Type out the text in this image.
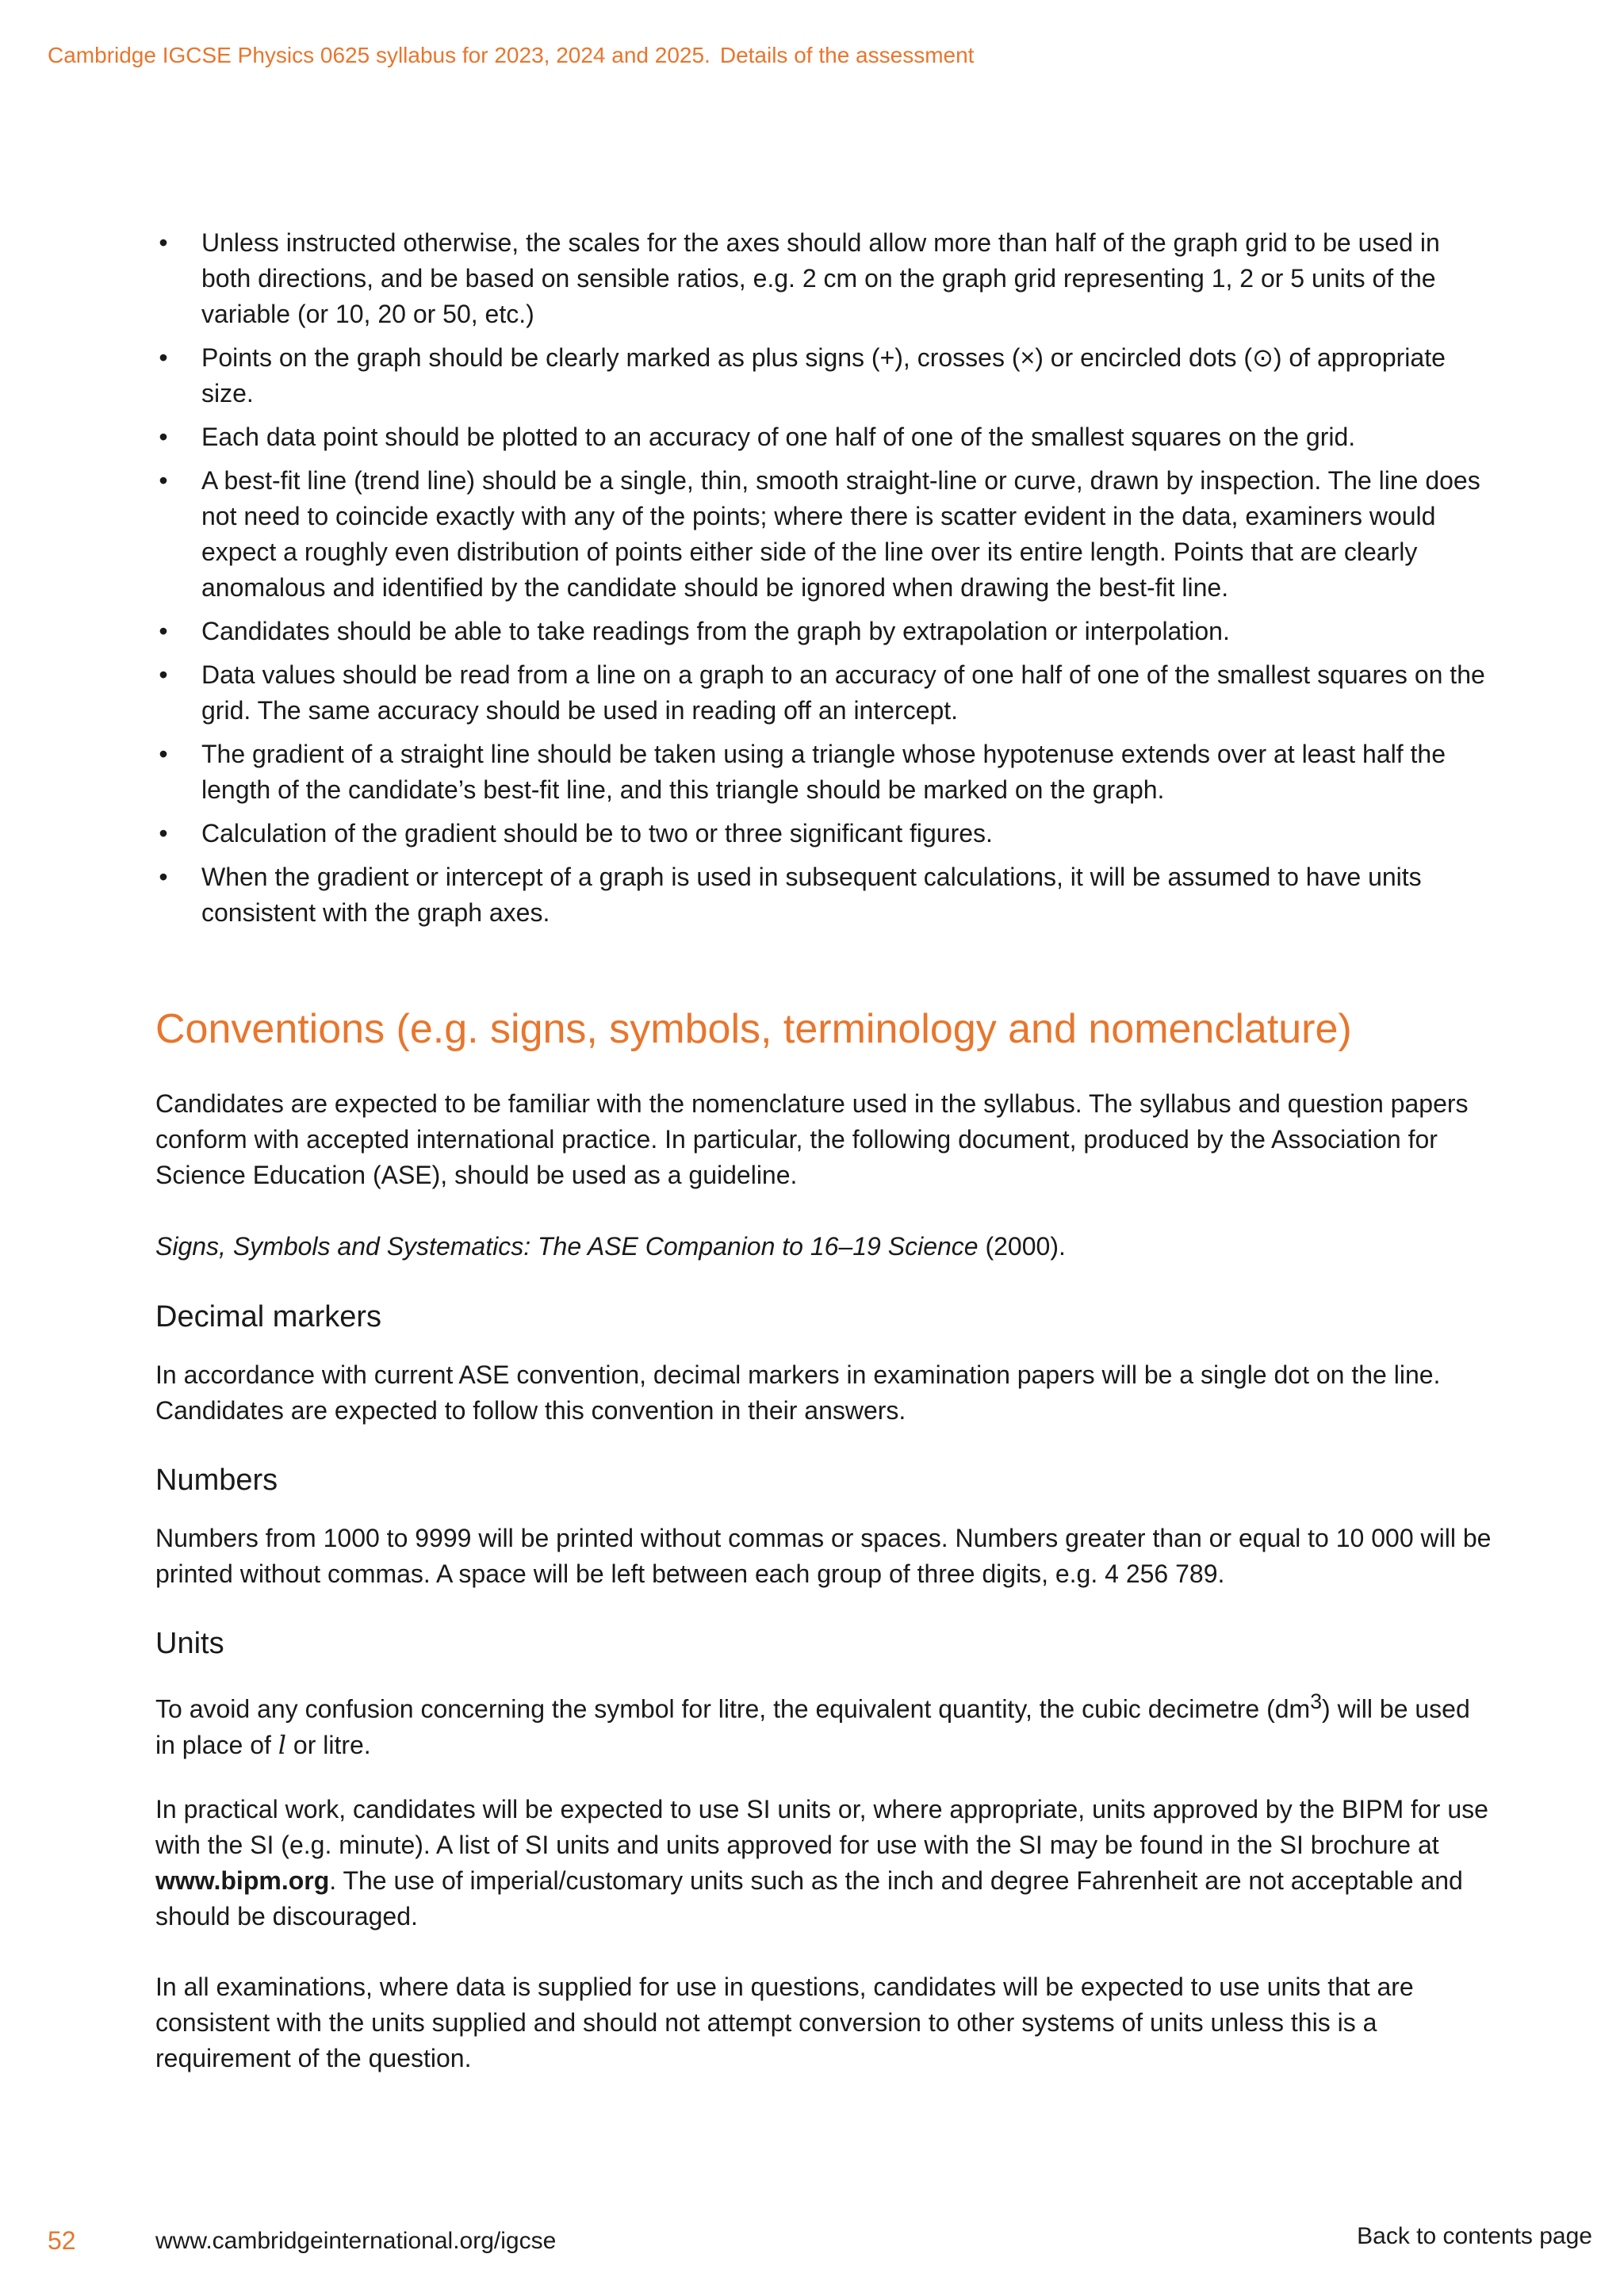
Cambridge IGCSE Physics 0625 syllabus for 2023, 2024 and 2025. Details of the assessment
• Unless instructed otherwise, the scales for the axes should allow more than half of the graph grid to be used in both directions, and be based on sensible ratios, e.g. 2 cm on the graph grid representing 1, 2 or 5 units of the variable (or 10, 20 or 50, etc.)
• Points on the graph should be clearly marked as plus signs (+), crosses (×) or encircled dots (⊙) of appropriate size.
• Each data point should be plotted to an accuracy of one half of one of the smallest squares on the grid.
• A best-fit line (trend line) should be a single, thin, smooth straight-line or curve, drawn by inspection. The line does not need to coincide exactly with any of the points; where there is scatter evident in the data, examiners would expect a roughly even distribution of points either side of the line over its entire length. Points that are clearly anomalous and identified by the candidate should be ignored when drawing the best-fit line.
• Candidates should be able to take readings from the graph by extrapolation or interpolation.
• Data values should be read from a line on a graph to an accuracy of one half of one of the smallest squares on the grid. The same accuracy should be used in reading off an intercept.
• The gradient of a straight line should be taken using a triangle whose hypotenuse extends over at least half the length of the candidate’s best-fit line, and this triangle should be marked on the graph.
• Calculation of the gradient should be to two or three significant figures.
• When the gradient or intercept of a graph is used in subsequent calculations, it will be assumed to have units consistent with the graph axes.
Conventions (e.g. signs, symbols, terminology and nomenclature)

Candidates are expected to be familiar with the nomenclature used in the syllabus. The syllabus and question papers conform with accepted international practice. In particular, the following document, produced by the Association for Science Education (ASE), should be used as a guideline.

Signs, Symbols and Systematics: The ASE Companion to 16–19 Science (2000).

Decimal markers

In accordance with current ASE convention, decimal markers in examination papers will be a single dot on the line. Candidates are expected to follow this convention in their answers.

Numbers

Numbers from 1000 to 9999 will be printed without commas or spaces. Numbers greater than or equal to 10 000 will be printed without commas. A space will be left between each group of three digits, e.g. 4 256 789.

Units

To avoid any confusion concerning the symbol for litre, the equivalent quantity, the cubic decimetre $(dm^3)$ will be used in place of l or litre.

In practical work, candidates will be expected to use SI units or, where appropriate, units approved by the BIPM for use with the SI (e.g. minute). A list of SI units and units approved for use with the SI may be found in the SI brochure at www.bipm.org. The use of imperial/customary units such as the inch and degree Fahrenheit are not acceptable and should be discouraged.

In all examinations, where data is supplied for use in questions, candidates will be expected to use units that are consistent with the units supplied and should not attempt conversion to other systems of units unless this is a requirement of the question.

52	www.cambridgeinternational.org/igcse	Back to contents page
